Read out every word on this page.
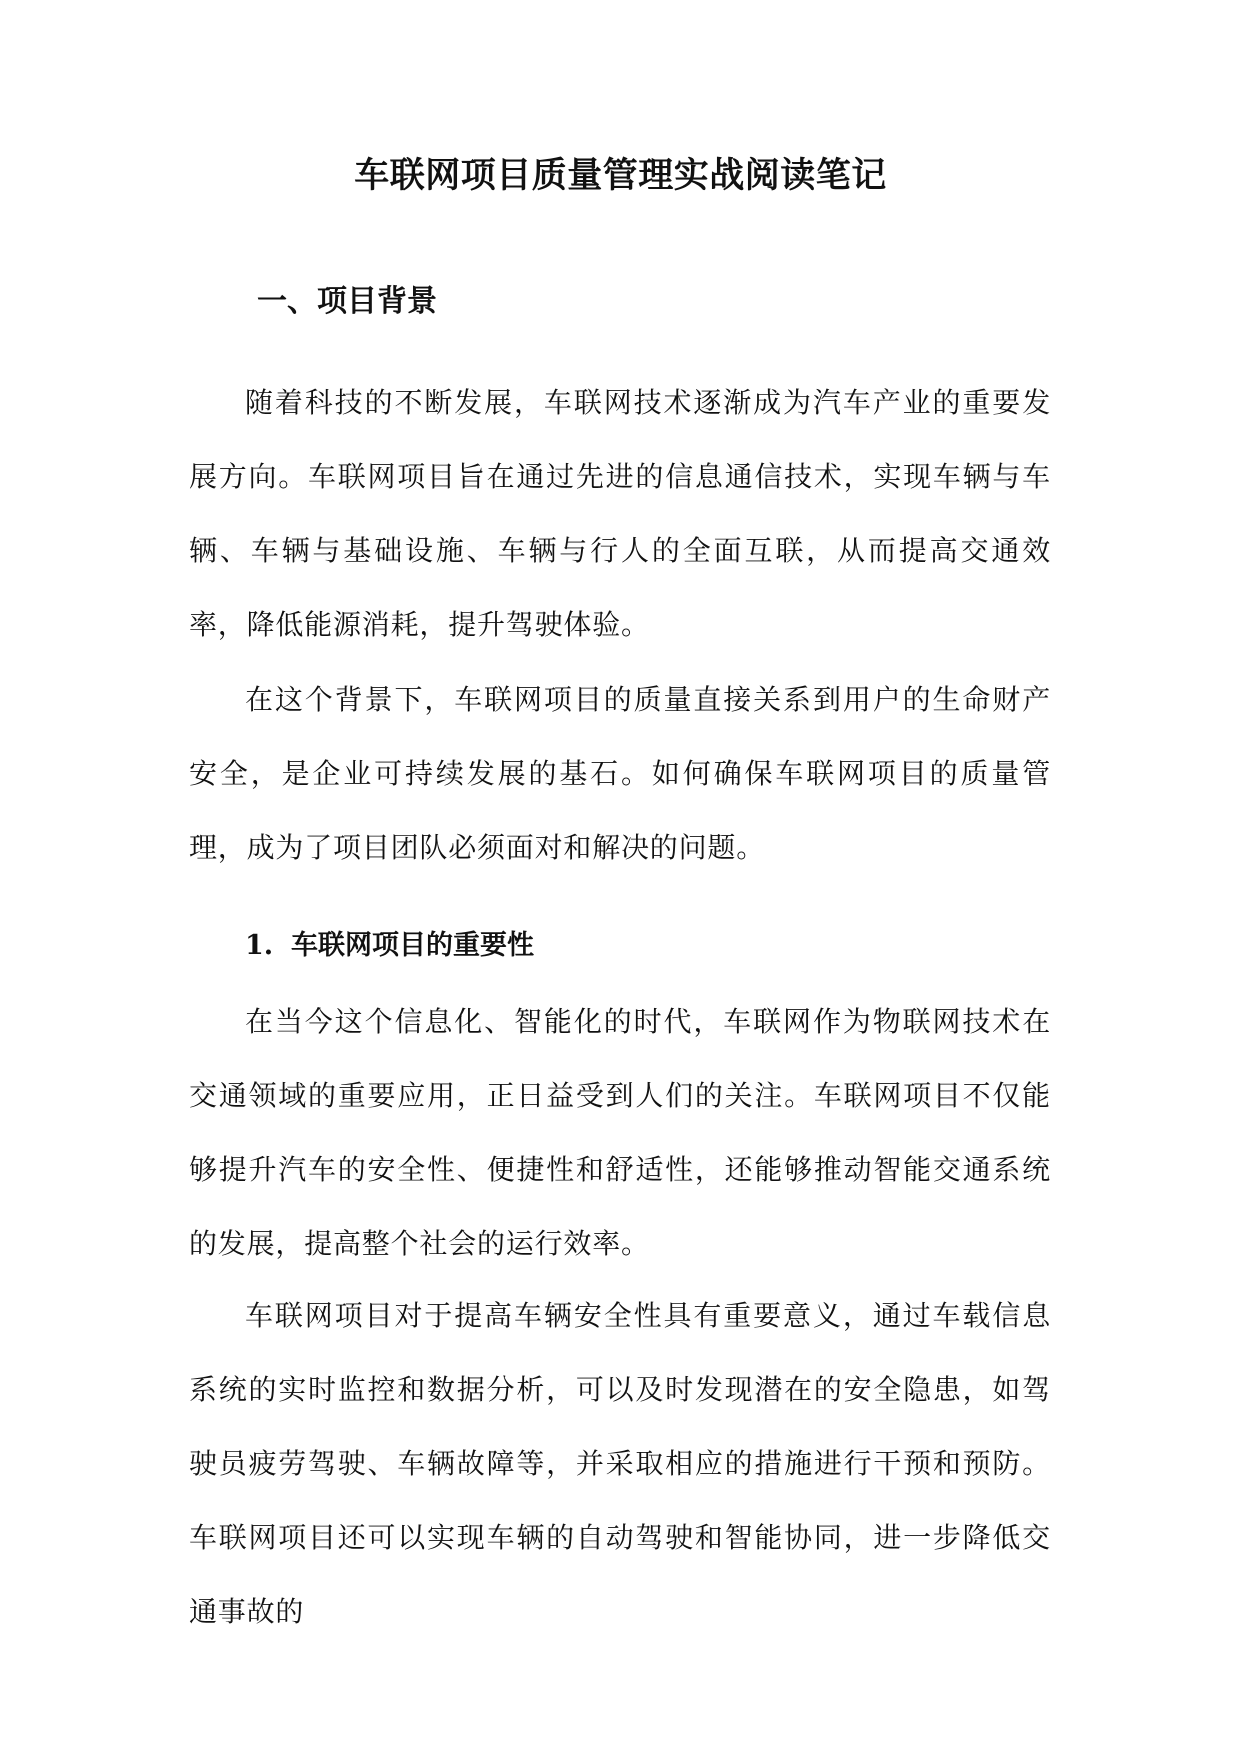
车联网项目质量管理实战阅读笔记
一、项目背景

随着科技的不断发展，车联网技术逐渐成为汽车产业的重要发展方向。车联网项目旨在通过先进的信息通信技术，实现车辆与车辆、车辆与基础设施、车辆与行人的全面互联，从而提高交通效率，降低能源消耗，提升驾驶体验。

在这个背景下，车联网项目的质量直接关系到用户的生命财产安全，是企业可持续发展的基石。如何确保车联网项目的质量管理，成为了项目团队必须面对和解决的问题。

1. 车联网项目的重要性

在当今这个信息化、智能化的时代，车联网作为物联网技术在交通领域的重要应用，正日益受到人们的关注。车联网项目不仅能够提升汽车的安全性、便捷性和舒适性，还能够推动智能交通系统的发展，提高整个社会的运行效率。

车联网项目对于提高车辆安全性具有重要意义，通过车载信息系统的实时监控和数据分析，可以及时发现潜在的安全隐患，如驾驶员疲劳驾驶、车辆故障等，并采取相应的措施进行干预和预防。车联网项目还可以实现车辆的自动驾驶和智能协同，进一步降低交通事故的
